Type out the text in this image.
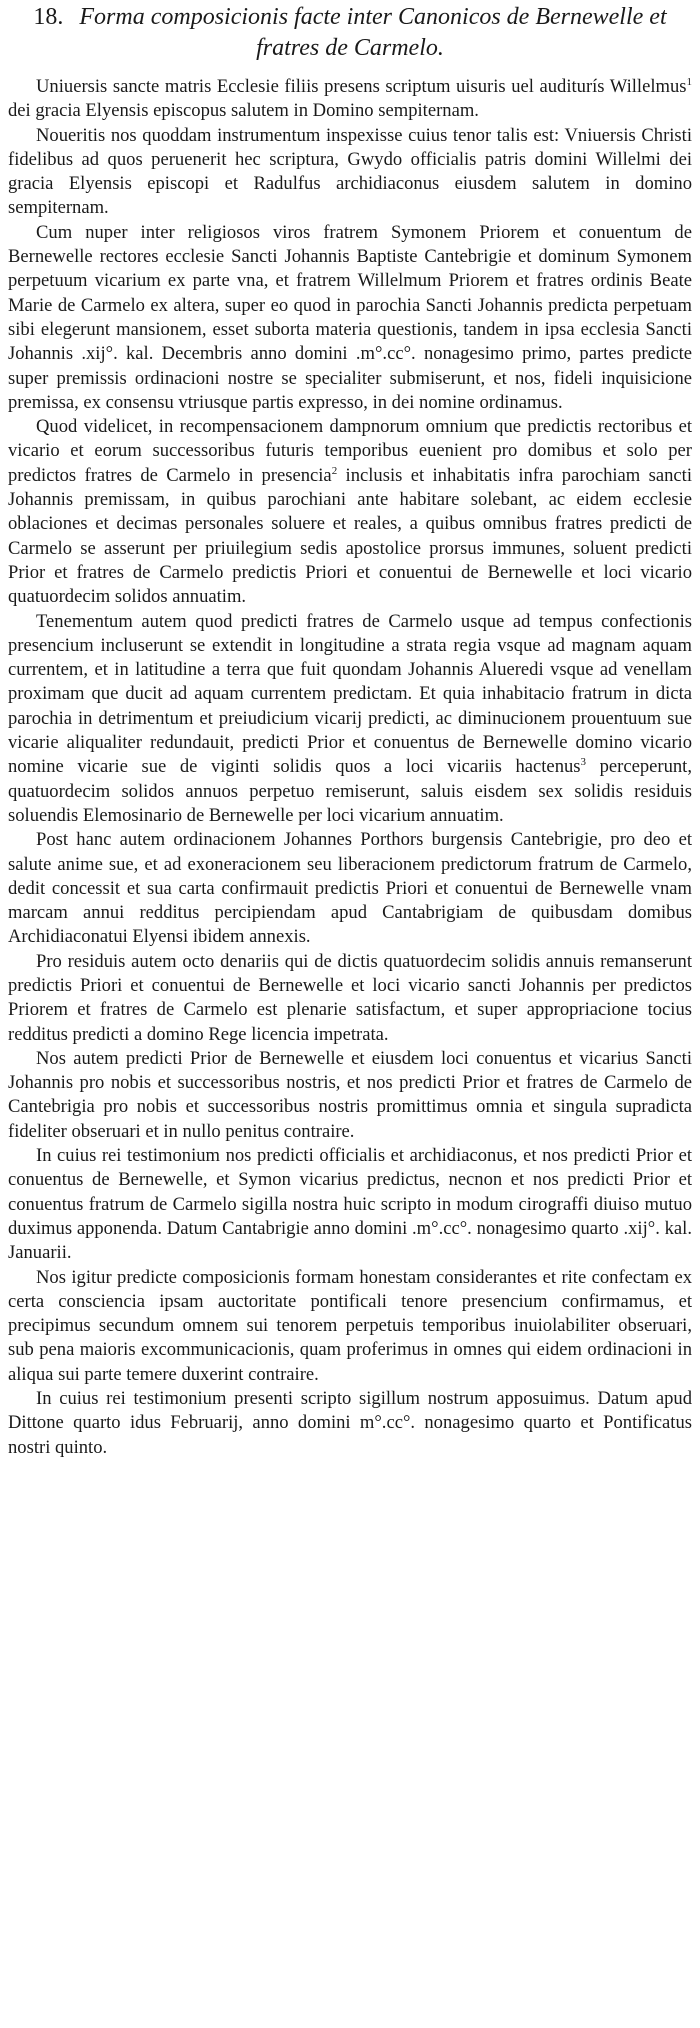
18. Forma composicionis facte inter Canonicos de Bernewelle et fratres de Carmelo.

Uniuersis sancte matris Ecclesie filiis presens scriptum uisuris uel auditurís Willelmus$^1$ dei gracia Elyensis episcopus salutem in Domino sempiternam.

Noueritis nos quoddam instrumentum inspexisse cuius tenor talis est: Vniuersis Christi fidelibus ad quos peruenerit hec scriptura, Gwydo officialis patris domini Willelmi dei gracia Elyensis episcopi et Radulfus archidiaconus eiusdem salutem in domino sempiternam.

Cum nuper inter religiosos viros fratrem Symonem Priorem et conuentum de Bernewelle rectores ecclesie Sancti Johannis Baptiste Cantebrigie et dominum Symonem perpetuum vicarium ex parte vna, et fratrem Willelmum Priorem et fratres ordinis Beate Marie de Carmelo ex altera, super eo quod in parochia Sancti Johannis predicta perpetuam sibi elegerunt mansionem, esset suborta materia questionis, tandem in ipsa ecclesia Sancti Johannis .xij°. kal. Decembris anno domini .m°.cc°. nonagesimo primo, partes predicte super premissis ordinacioni nostre se specialiter submiserunt, et nos, fideli inquisicione premissa, ex consensu vtriusque partis expresso, in dei nomine ordinamus.

Quod videlicet, in recompensacionem dampnorum omnium que predictis rectoribus et vicario et eorum successoribus futuris temporibus euenient pro domibus et solo per predictos fratres de Carmelo in presencia$^2$ inclusis et inhabitatis infra parochiam sancti Johannis premissam, in quibus parochiani ante habitare solebant, ac eidem ecclesie oblaciones et decimas personales soluere et reales, a quibus omnibus fratres predicti de Carmelo se asserunt per priuilegium sedis apostolice prorsus immunes, soluent predicti Prior et fratres de Carmelo predictis Priori et conuentui de Bernewelle et loci vicario quatuordecim solidos annuatim.

Tenementum autem quod predicti fratres de Carmelo usque ad tempus confectionis presencium incluserunt se extendit in longitudine a strata regia vsque ad magnam aquam currentem, et in latitudine a terra que fuit quondam Johannis Alueredi vsque ad venellam proximam que ducit ad aquam currentem predictam. Et quia inhabitacio fratrum in dicta parochia in detrimentum et preiudicium vicarij predicti, ac diminucionem prouentuum sue vicarie aliqualiter redundauit, predicti Prior et conuentus de Bernewelle domino vicario nomine vicarie sue de viginti solidis quos a loci vicariis hactenus$^3$ perceperunt, quatuordecim solidos annuos perpetuo remiserunt, saluis eisdem sex solidis residuis soluendis Elemosinario de Bernewelle per loci vicarium annuatim.

Post hanc autem ordinacionem Johannes Porthors burgensis Cantebrigie, pro deo et salute anime sue, et ad exoneracionem seu liberacionem predictorum fratrum de Carmelo, dedit concessit et sua carta confirmauit predictis Priori et conuentui de Bernewelle vnam marcam annui redditus percipiendam apud Cantabrigiam de quibusdam domibus Archidiaconatui Elyensi ibidem annexis.

Pro residuis autem octo denariis qui de dictis quatuordecim solidis annuis remanserunt predictis Priori et conuentui de Bernewelle et loci vicario sancti Johannis per predictos Priorem et fratres de Carmelo est plenarie satisfactum, et super appropriacione tocius redditus predicti a domino Rege licencia impetrata.

Nos autem predicti Prior de Bernewelle et eiusdem loci conuentus et vicarius Sancti Johannis pro nobis et successoribus nostris, et nos predicti Prior et fratres de Carmelo de Cantebrigia pro nobis et successoribus nostris promittimus omnia et singula supradicta fideliter obseruari et in nullo penitus contraire.

In cuius rei testimonium nos predicti officialis et archidiaconus, et nos predicti Prior et conuentus de Bernewelle, et Symon vicarius predictus, necnon et nos predicti Prior et conuentus fratrum de Carmelo sigilla nostra huic scripto in modum cirograffi diuiso mutuo duximus apponenda. Datum Cantabrigie anno domini .m°.cc°. nonagesimo quarto .xij°. kal. Januarii.

Nos igitur predicte composicionis formam honestam considerantes et rite confectam ex certa consciencia ipsam auctoritate pontificali tenore presencium confirmamus, et precipimus secundum omnem sui tenorem perpetuis temporibus inuiolabiliter obseruari, sub pena maioris excommunicacionis, quam proferimus in omnes qui eidem ordinacioni in aliqua sui parte temere duxerint contraire.

In cuius rei testimonium presenti scripto sigillum nostrum apposuimus. Datum apud Dittone quarto idus Februarij, anno domini m°.cc°. nonagesimo quarto et Pontificatus nostri quinto.
